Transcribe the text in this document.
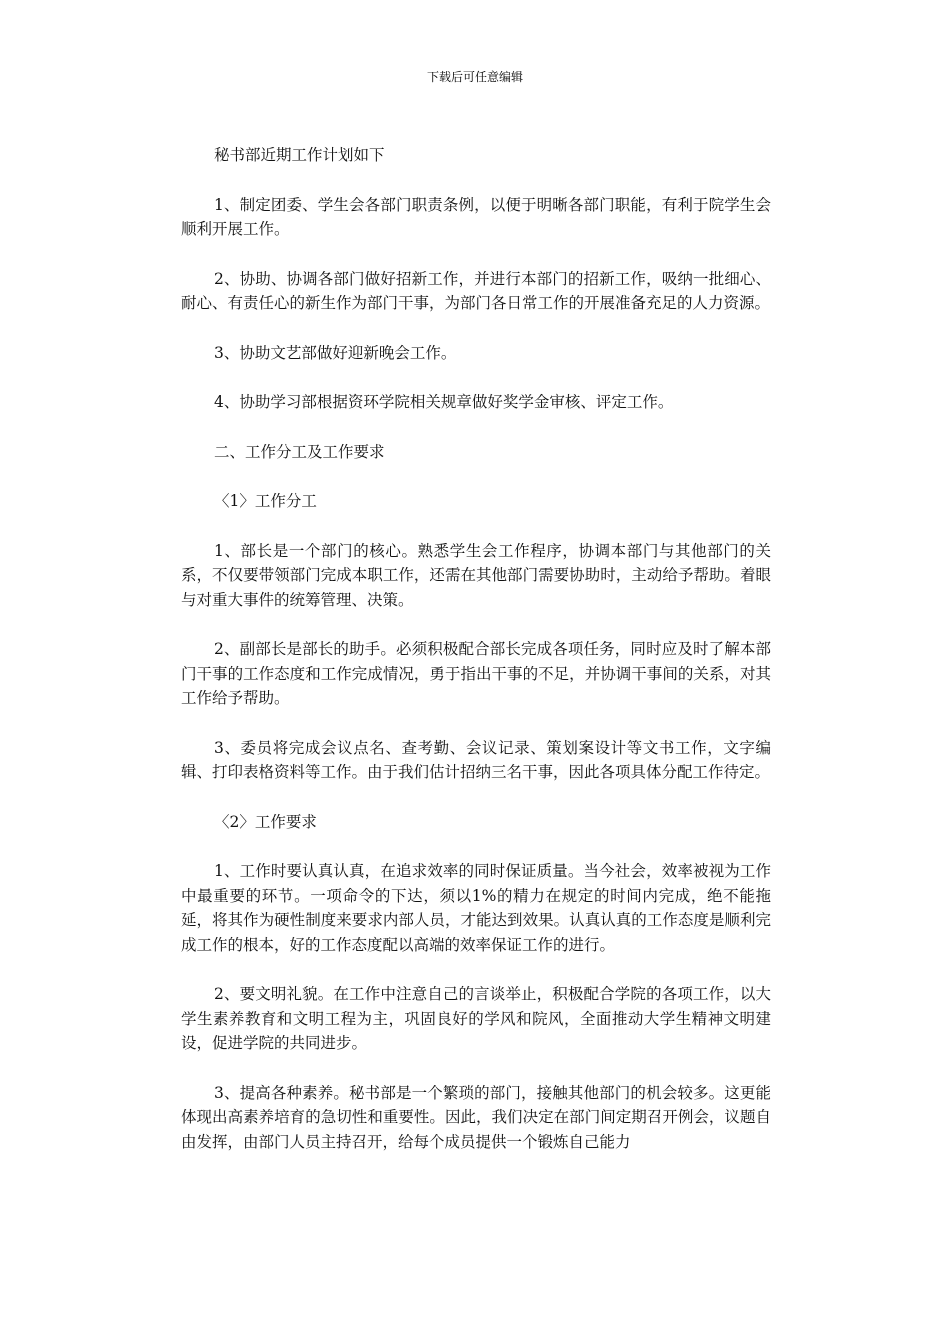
下载后可任意编辑

秘书部近期工作计划如下

1、制定团委、学生会各部门职责条例，以便于明晰各部门职能，有利于院学生会顺利开展工作。

2、协助、协调各部门做好招新工作，并进行本部门的招新工作，吸纳一批细心、耐心、有责任心的新生作为部门干事，为部门各日常工作的开展准备充足的人力资源。

3、协助文艺部做好迎新晚会工作。

4、协助学习部根据资环学院相关规章做好奖学金审核、评定工作。

二、工作分工及工作要求

〈1〉工作分工

1、部长是一个部门的核心。熟悉学生会工作程序，协调本部门与其他部门的关系，不仅要带领部门完成本职工作，还需在其他部门需要协助时，主动给予帮助。着眼与对重大事件的统筹管理、决策。

2、副部长是部长的助手。必须积极配合部长完成各项任务，同时应及时了解本部门干事的工作态度和工作完成情况，勇于指出干事的不足，并协调干事间的关系，对其工作给予帮助。

3、委员将完成会议点名、查考勤、会议记录、策划案设计等文书工作，文字编辑、打印表格资料等工作。由于我们估计招纳三名干事，因此各项具体分配工作待定。

〈2〉工作要求

1、工作时要认真认真，在追求效率的同时保证质量。当今社会，效率被视为工作中最重要的环节。一项命令的下达，须以1%的精力在规定的时间内完成，绝不能拖延，将其作为硬性制度来要求内部人员，才能达到效果。认真认真的工作态度是顺利完成工作的根本，好的工作态度配以高端的效率保证工作的进行。

2、要文明礼貌。在工作中注意自己的言谈举止，积极配合学院的各项工作，以大学生素养教育和文明工程为主，巩固良好的学风和院风，全面推动大学生精神文明建设，促进学院的共同进步。

3、提高各种素养。秘书部是一个繁琐的部门，接触其他部门的机会较多。这更能体现出高素养培育的急切性和重要性。因此，我们决定在部门间定期召开例会，议题自由发挥，由部门人员主持召开，给每个成员提供一个锻炼自己能力
